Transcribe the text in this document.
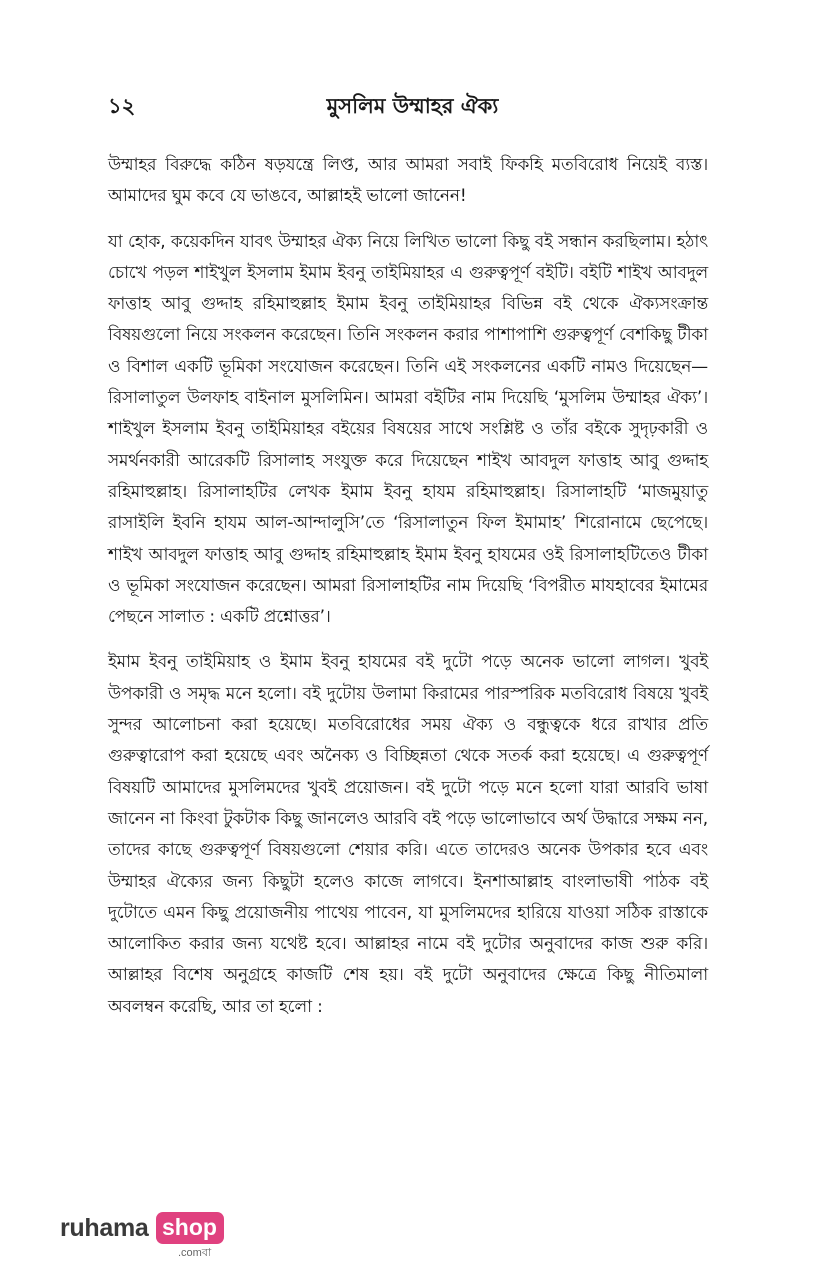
১২	মুসলিম উম্মাহর ঐক্য

উম্মাহর বিরুদ্ধে কঠিন ষড়যন্ত্রে লিপ্ত, আর আমরা সবাই ফিকহি মতবিরোধ নিয়েই ব্যস্ত। আমাদের ঘুম কবে যে ভাঙবে, আল্লাহই ভালো জানেন!

যা হোক, কয়েকদিন যাবৎ উম্মাহর ঐক্য নিয়ে লিখিত ভালো কিছু বই সন্ধান করছিলাম। হঠাৎ চোখে পড়ল শাইখুল ইসলাম ইমাম ইবনু তাইমিয়াহর এ গুরুত্বপূর্ণ বইটি। বইটি শাইখ আবদুল ফাত্তাহ আবু গুদ্দাহ রহিমাহুল্লাহ ইমাম ইবনু তাইমিয়াহর বিভিন্ন বই থেকে ঐক্যসংক্রান্ত বিষয়গুলো নিয়ে সংকলন করেছেন। তিনি সংকলন করার পাশাপাশি গুরুত্বপূর্ণ বেশকিছু টীকা ও বিশাল একটি ভূমিকা সংযোজন করেছেন। তিনি এই সংকলনের একটি নামও দিয়েছেন—রিসালাতুল উলফাহ বাইনাল মুসলিমিন। আমরা বইটির নাম দিয়েছি ‘মুসলিম উম্মাহর ঐক্য’। শাইখুল ইসলাম ইবনু তাইমিয়াহর বইয়ের বিষয়ের সাথে সংশ্লিষ্ট ও তাঁর বইকে সুদৃঢ়কারী ও সমর্থনকারী আরেকটি রিসালাহ সংযুক্ত করে দিয়েছেন শাইখ আবদুল ফাত্তাহ আবু গুদ্দাহ রহিমাহুল্লাহ। রিসালাহটির লেখক ইমাম ইবনু হাযম রহিমাহুল্লাহ। রিসালাহটি ‘মাজমুয়াতু রাসাইলি ইবনি হাযম আল-আন্দালুসি’তে ‘রিসালাতুন ফিল ইমামাহ’ শিরোনামে ছেপেছে। শাইখ আবদুল ফাত্তাহ আবু গুদ্দাহ রহিমাহুল্লাহ ইমাম ইবনু হাযমের ওই রিসালাহটিতেও টীকা ও ভূমিকা সংযোজন করেছেন। আমরা রিসালাহটির নাম দিয়েছি ‘বিপরীত মাযহাবের ইমামের পেছনে সালাত : একটি প্রশ্নোত্তর’।

ইমাম ইবনু তাইমিয়াহ ও ইমাম ইবনু হাযমের বই দুটো পড়ে অনেক ভালো লাগল। খুবই উপকারী ও সমৃদ্ধ মনে হলো। বই দুটোয় উলামা কিরামের পারস্পরিক মতবিরোধ বিষয়ে খুবই সুন্দর আলোচনা করা হয়েছে। মতবিরোধের সময় ঐক্য ও বন্ধুত্বকে ধরে রাখার প্রতি গুরুত্বারোপ করা হয়েছে এবং অনৈক্য ও বিচ্ছিন্নতা থেকে সতর্ক করা হয়েছে। এ গুরুত্বপূর্ণ বিষয়টি আমাদের মুসলিমদের খুবই প্রয়োজন। বই দুটো পড়ে মনে হলো যারা আরবি ভাষা জানেন না কিংবা টুকটাক কিছু জানলেও আরবি বই পড়ে ভালোভাবে অর্থ উদ্ধারে সক্ষম নন, তাদের কাছে গুরুত্বপূর্ণ বিষয়গুলো শেয়ার করি। এতে তাদেরও অনেক উপকার হবে এবং উম্মাহর ঐক্যের জন্য কিছুটা হলেও কাজে লাগবে। ইনশাআল্লাহ বাংলাভাষী পাঠক বই দুটোতে এমন কিছু প্রয়োজনীয় পাথেয় পাবেন, যা মুসলিমদের হারিয়ে যাওয়া সঠিক রাস্তাকে আলোকিত করার জন্য যথেষ্ট হবে। আল্লাহর নামে বই দুটোর অনুবাদের কাজ শুরু করি। আল্লাহর বিশেষ অনুগ্রহে কাজটি শেষ হয়। বই দুটো অনুবাদের ক্ষেত্রে কিছু নীতিমালা অবলম্বন করেছি, আর তা হলো :

ruhama shop
.comবা
